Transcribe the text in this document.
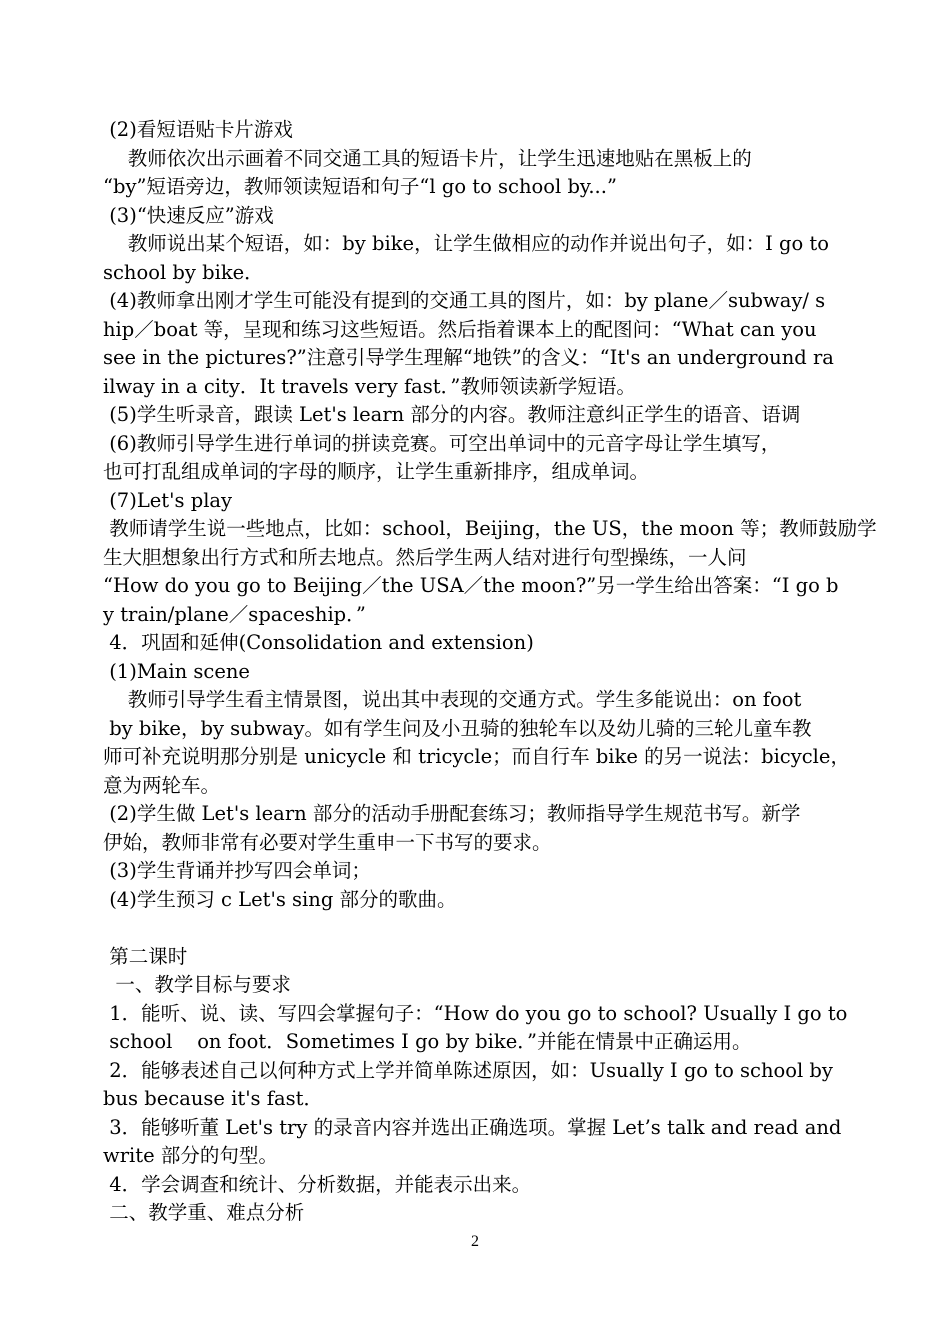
(2)看短语贴卡片游戏
教师依次出示画着不同交通工具的短语卡片，让学生迅速地贴在黑板上的
“by”短语旁边，教师领读短语和句子“l go to school by...”
(3)“快速反应”游戏
教师说出某个短语，如：by bike，让学生做相应的动作并说出句子，如：I go to
school by bike．
(4)教师拿出刚才学生可能没有提到的交通工具的图片，如：by plane／subway/ s
hip／boat 等，呈现和练习这些短语。然后指着课本上的配图问：“What can you
see in the pictures?”注意引导学生理解“地铁”的含义：“It's an underground ra
ilway in a city．It travels very fast．”教师领读新学短语。
(5)学生听录音，跟读 Let's learn 部分的内容。教师注意纠正学生的语音、语调
(6)教师引导学生进行单词的拼读竞赛。可空出单词中的元音字母让学生填写，
也可打乱组成单词的字母的顺序，让学生重新排序，组成单词。
(7)Let's play
教师请学生说一些地点，比如：school，Beijing，the US，the moon 等；教师鼓励学
生大胆想象出行方式和所去地点。然后学生两人结对进行句型操练，一人问
“How do you go to Beijing／the USA／the moon?”另一学生给出答案：“I go b
y train/plane／spaceship．”
4．巩固和延伸(Consolidation and extension)
(1)Main scene
教师引导学生看主情景图，说出其中表现的交通方式。学生多能说出：on foot
by bike，by subway。如有学生问及小丑骑的独轮车以及幼儿骑的三轮儿童车教
师可补充说明那分别是 unicycle 和 tricycle；而自行车 bike 的另一说法：bicycle，
意为两轮车。
(2)学生做 Let's learn 部分的活动手册配套练习；教师指导学生规范书写。新学
伊始，教师非常有必要对学生重申一下书写的要求。
(3)学生背诵并抄写四会单词；
(4)学生预习 c Let's sing 部分的歌曲。
第二课时
一、教学目标与要求
1．能听、说、读、写四会掌握句子：“How do you go to school? Usually I go to
school    on foot．Sometimes I go by bike．”并能在情景中正确运用。
2．能够表述自己以何种方式上学并简单陈述原因，如：Usually I go to school by
bus because it's fast．
3．能够听董 Let's try 的录音内容并选出正确选项。掌握 Let’s talk and read and
write 部分的句型。
4．学会调查和统计、分析数据，并能表示出来。
二、教学重、难点分析
2
